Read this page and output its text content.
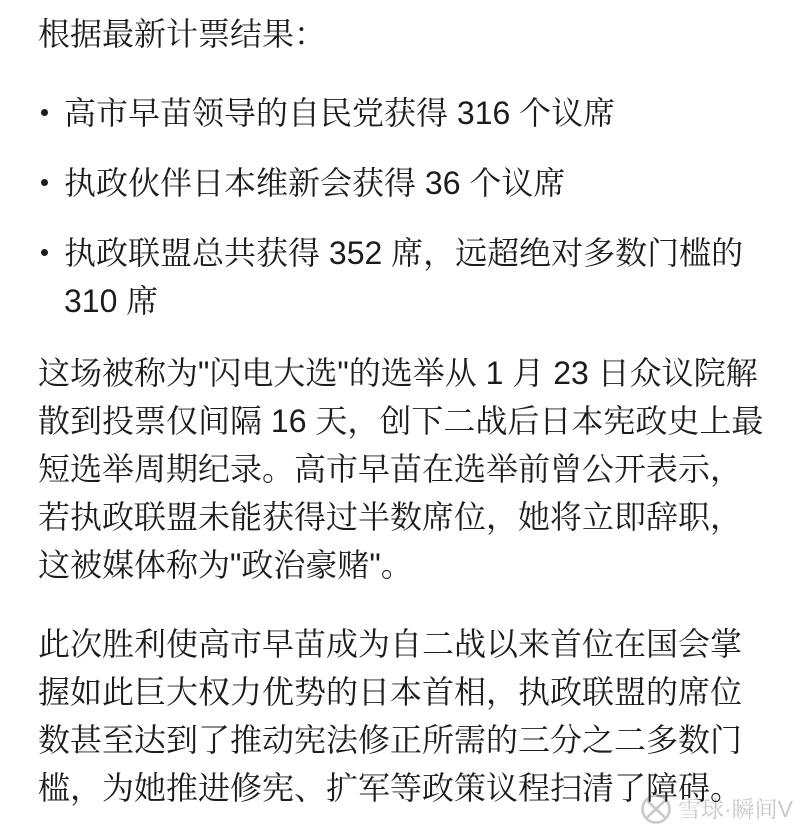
根据最新计票结果：

高市早苗领导的自民党获得 316 个议席
执政伙伴日本维新会获得 36 个议席
执政联盟总共获得 352 席，远超绝对多数门槛的 310 席

这场被称为"闪电大选"的选举从 1 月 23 日众议院解散到投票仅间隔 16 天，创下二战后日本宪政史上最短选举周期纪录。高市早苗在选举前曾公开表示，若执政联盟未能获得过半数席位，她将立即辞职，这被媒体称为"政治豪赌"。

此次胜利使高市早苗成为自二战以来首位在国会掌握如此巨大权力优势的日本首相，执政联盟的席位数甚至达到了推动宪法修正所需的三分之二多数门槛，为她推进修宪、扩军等政策议程扫清了障碍。

雪球·瞬间V
